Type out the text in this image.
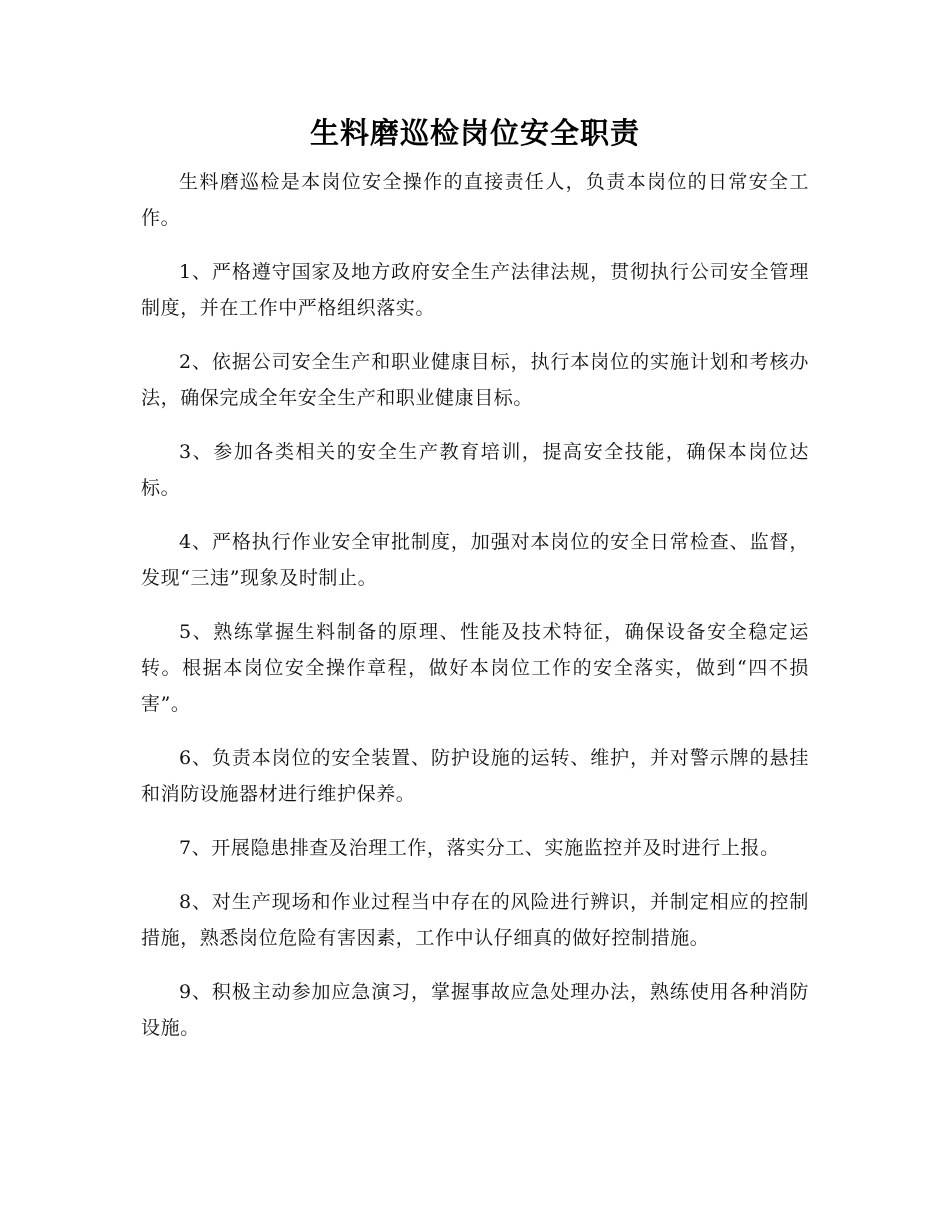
生料磨巡检岗位安全职责

生料磨巡检是本岗位安全操作的直接责任人，负责本岗位的日常安全工作。

1、严格遵守国家及地方政府安全生产法律法规，贯彻执行公司安全管理制度，并在工作中严格组织落实。

2、依据公司安全生产和职业健康目标，执行本岗位的实施计划和考核办法，确保完成全年安全生产和职业健康目标。

3、参加各类相关的安全生产教育培训，提高安全技能，确保本岗位达标。

4、严格执行作业安全审批制度，加强对本岗位的安全日常检查、监督，发现“三违”现象及时制止。

5、熟练掌握生料制备的原理、性能及技术特征，确保设备安全稳定运转。根据本岗位安全操作章程，做好本岗位工作的安全落实，做到“四不损害”。

6、负责本岗位的安全装置、防护设施的运转、维护，并对警示牌的悬挂和消防设施器材进行维护保养。

7、开展隐患排查及治理工作，落实分工、实施监控并及时进行上报。

8、对生产现场和作业过程当中存在的风险进行辨识，并制定相应的控制措施，熟悉岗位危险有害因素，工作中认仔细真的做好控制措施。

9、积极主动参加应急演习，掌握事故应急处理办法，熟练使用各种消防设施。
